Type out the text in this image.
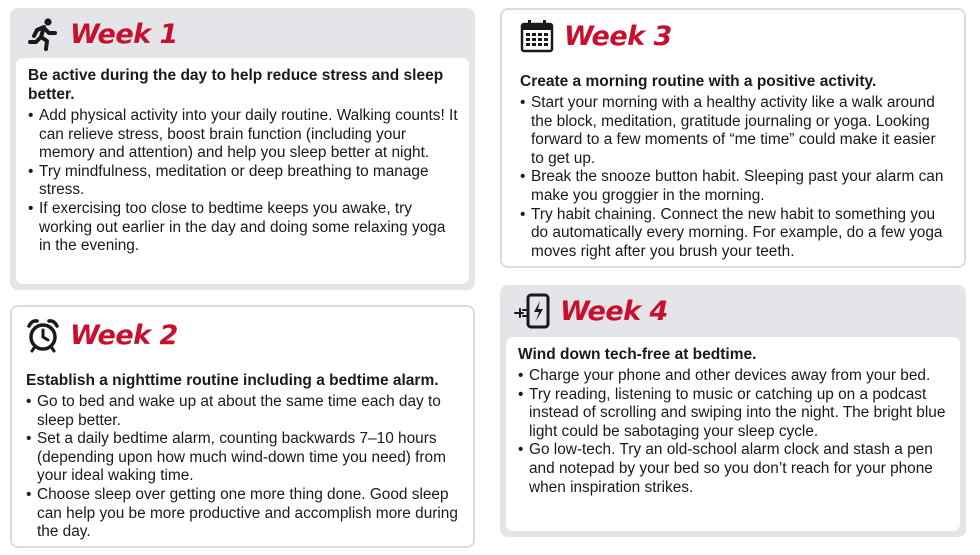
Week 1

Be active during the day to help reduce stress and sleep better.

• Add physical activity into your daily routine. Walking counts! It can relieve stress, boost brain function (including your memory and attention) and help you sleep better at night.
• Try mindfulness, meditation or deep breathing to manage stress.
• If exercising too close to bedtime keeps you awake, try working out earlier in the day and doing some relaxing yoga in the evening.
Week 2

Establish a nighttime routine including a bedtime alarm.

• Go to bed and wake up at about the same time each day to sleep better.
• Set a daily bedtime alarm, counting backwards 7–10 hours (depending upon how much wind-down time you need) from your ideal waking time.
• Choose sleep over getting one more thing done. Good sleep can help you be more productive and accomplish more during the day.
Week 3

Create a morning routine with a positive activity.

• Start your morning with a healthy activity like a walk around the block, meditation, gratitude journaling or yoga. Looking forward to a few moments of “me time” could make it easier to get up.
• Break the snooze button habit. Sleeping past your alarm can make you groggier in the morning.
• Try habit chaining. Connect the new habit to something you do automatically every morning. For example, do a few yoga moves right after you brush your teeth.
Week 4

Wind down tech-free at bedtime.

• Charge your phone and other devices away from your bed.
• Try reading, listening to music or catching up on a podcast instead of scrolling and swiping into the night. The bright blue light could be sabotaging your sleep cycle.
• Go low-tech. Try an old-school alarm clock and stash a pen and notepad by your bed so you don’t reach for your phone when inspiration strikes.
